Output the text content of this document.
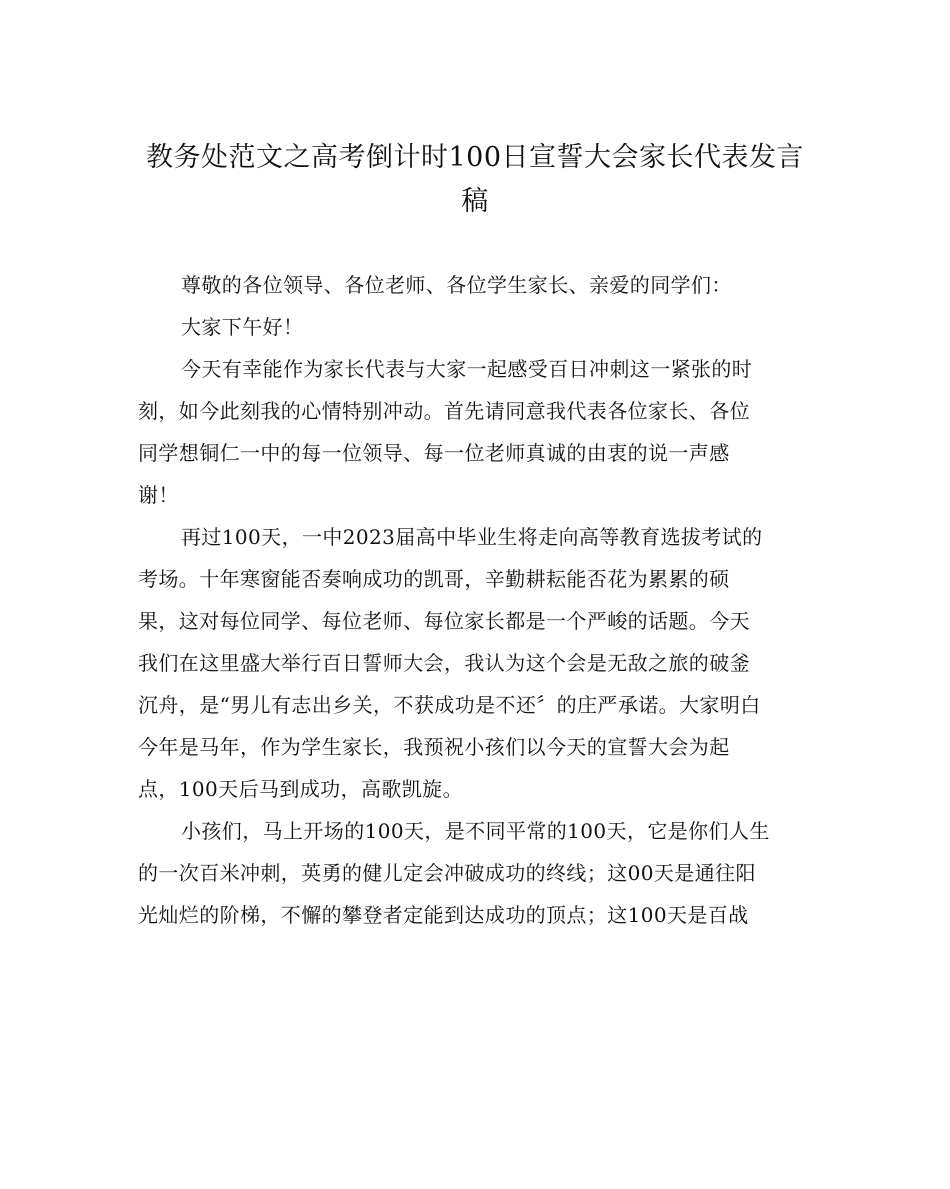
教务处范文之高考倒计时100日宣誓大会家长代表发言
稿

尊敬的各位领导、各位老师、各位学生家长、亲爱的同学们：

大家下午好！

今天有幸能作为家长代表与大家一起感受百日冲刺这一紧张的时
刻，如今此刻我的心情特别冲动。首先请同意我代表各位家长、各位
同学想铜仁一中的每一位领导、每一位老师真诚的由衷的说一声感
谢！

再过100天，一中2023届高中毕业生将走向高等教育选拔考试的
考场。十年寒窗能否奏响成功的凯哥，辛勤耕耘能否花为累累的硕
果，这对每位同学、每位老师、每位家长都是一个严峻的话题。今天
我们在这里盛大举行百日誓师大会，我认为这个会是无敌之旅的破釜
沉舟，是“男儿有志出乡关，不获成功是不还〞的庄严承诺。大家明白
今年是马年，作为学生家长，我预祝小孩们以今天的宣誓大会为起
点，100天后马到成功，高歌凯旋。

小孩们，马上开场的100天，是不同平常的100天，它是你们人生
的一次百米冲刺，英勇的健儿定会冲破成功的终线；这00天是通往阳
光灿烂的阶梯，不懈的攀登者定能到达成功的顶点；这100天是百战
